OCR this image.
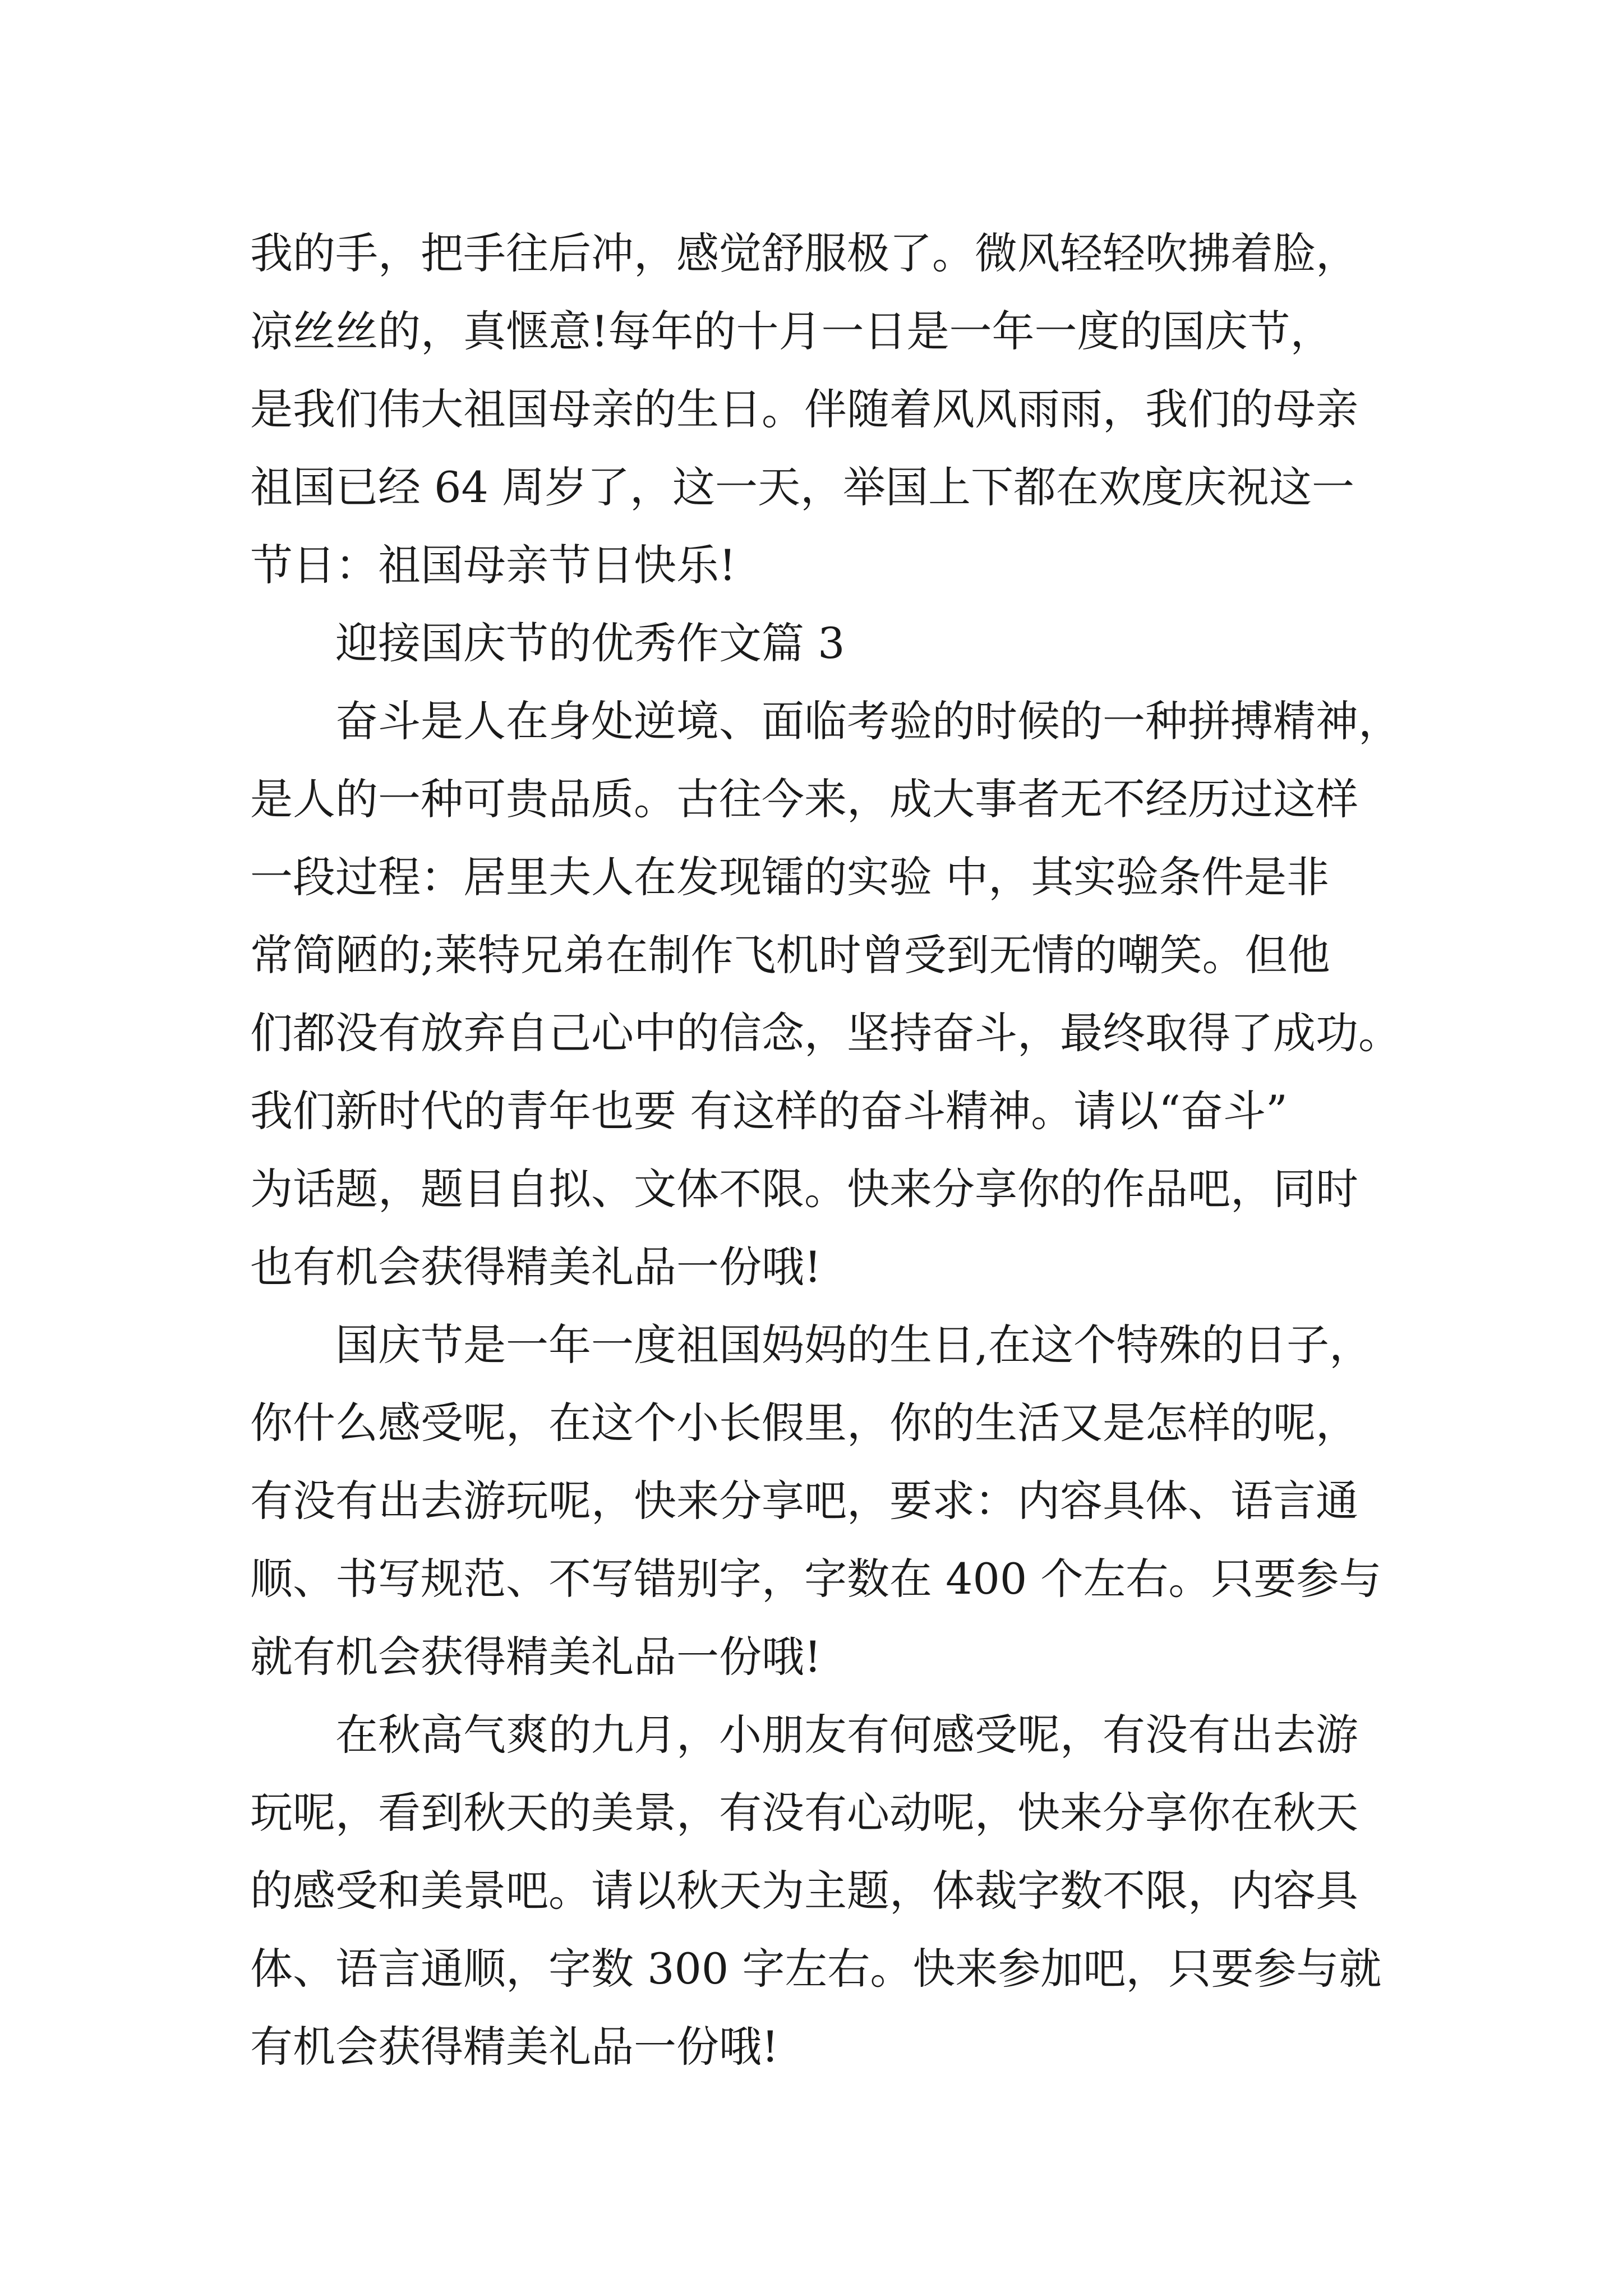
我的手，把手往后冲，感觉舒服极了。微风轻轻吹拂着脸，
凉丝丝的，真惬意!每年的十月一日是一年一度的国庆节，
是我们伟大祖国母亲的生日。伴随着风风雨雨，我们的母亲
祖国已经 64 周岁了，这一天，举国上下都在欢度庆祝这一
节日：祖国母亲节日快乐!
迎接国庆节的优秀作文篇 3
奋斗是人在身处逆境、面临考验的时候的一种拼搏精神，
是人的一种可贵品质。古往今来，成大事者无不经历过这样
一段过程：居里夫人在发现镭的实验 中，其实验条件是非
常简陋的;莱特兄弟在制作飞机时曾受到无情的嘲笑。但他
们都没有放弃自己心中的信念，坚持奋斗，最终取得了成功。
我们新时代的青年也要 有这样的奋斗精神。请以“奋斗”
为话题，题目自拟、文体不限。快来分享你的作品吧，同时
也有机会获得精美礼品一份哦!
国庆节是一年一度祖国妈妈的生日,在这个特殊的日子，
你什么感受呢，在这个小长假里，你的生活又是怎样的呢，
有没有出去游玩呢，快来分享吧，要求：内容具体、语言通
顺、书写规范、不写错别字，字数在 400 个左右。只要参与
就有机会获得精美礼品一份哦!
在秋高气爽的九月，小朋友有何感受呢，有没有出去游
玩呢，看到秋天的美景，有没有心动呢，快来分享你在秋天
的感受和美景吧。请以秋天为主题，体裁字数不限，内容具
体、语言通顺，字数 300 字左右。快来参加吧，只要参与就
有机会获得精美礼品一份哦!
